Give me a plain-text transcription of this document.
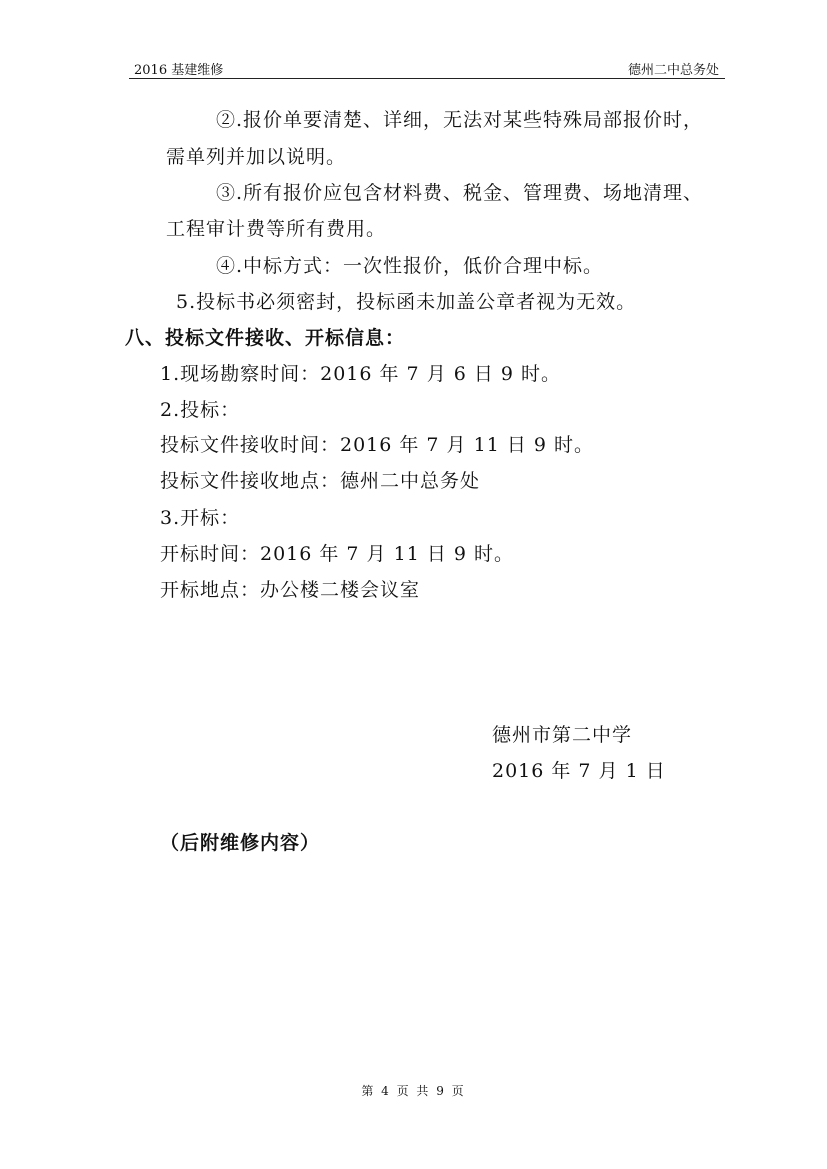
2016 基建维修	德州二中总务处
②.报价单要清楚、详细，无法对某些特殊局部报价时，
需单列并加以说明。
③.所有报价应包含材料费、税金、管理费、场地清理、
工程审计费等所有费用。
④.中标方式：一次性报价，低价合理中标。
5.投标书必须密封，投标函未加盖公章者视为无效。
八、投标文件接收、开标信息：
1.现场勘察时间：2016 年 7 月 6 日 9 时。
2.投标：
投标文件接收时间：2016 年 7 月 11 日 9 时。
投标文件接收地点：德州二中总务处
3.开标：
开标时间：2016 年 7 月 11 日 9 时。
开标地点：办公楼二楼会议室
德州市第二中学
2016 年 7 月 1 日
（后附维修内容）
第 4 页 共 9 页
